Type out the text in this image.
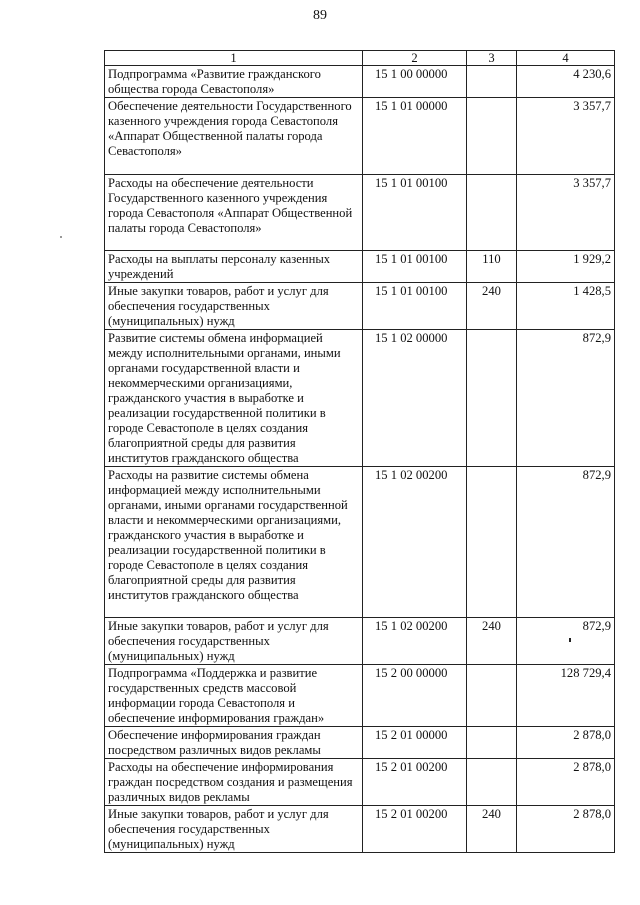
89
1	2	3	4
Подпрограмма «Развитие гражданского общества города Севастополя»	15 1 00 00000		4 230,6
Обеспечение деятельности Государственного казенного учреждения города Севастополя «Аппарат Общественной палаты города Севастополя»	15 1 01 00000		3 357,7
Расходы на обеспечение деятельности Государственного казенного учреждения города Севастополя «Аппарат Общественной палаты города Севастополя»	15 1 01 00100		3 357,7
Расходы на выплаты персоналу казенных учреждений	15 1 01 00100	110	1 929,2
Иные закупки товаров, работ и услуг для обеспечения государственных (муниципальных) нужд	15 1 01 00100	240	1 428,5
Развитие системы обмена информацией между исполнительными органами, иными органами государственной власти и некоммерческими организациями, гражданского участия в выработке и реализации государственной политики в городе Севастополе в целях создания благоприятной среды для развития институтов гражданского общества	15 1 02 00000		872,9
Расходы на развитие системы обмена информацией между исполнительными органами, иными органами государственной власти и некоммерческими организациями, гражданского участия в выработке и реализации государственной политики в городе Севастополе в целях создания благоприятной среды для развития институтов гражданского общества	15 1 02 00200		872,9
Иные закупки товаров, работ и услуг для обеспечения государственных (муниципальных) нужд	15 1 02 00200	240	872,9
Подпрограмма «Поддержка и развитие государственных средств массовой информации города Севастополя и обеспечение информирования граждан»	15 2 00 00000		128 729,4
Обеспечение информирования граждан посредством различных видов рекламы	15 2 01 00000		2 878,0
Расходы на обеспечение информирования граждан посредством создания и размещения различных видов рекламы	15 2 01 00200		2 878,0
Иные закупки товаров, работ и услуг для обеспечения государственных (муниципальных) нужд	15 2 01 00200	240	2 878,0
